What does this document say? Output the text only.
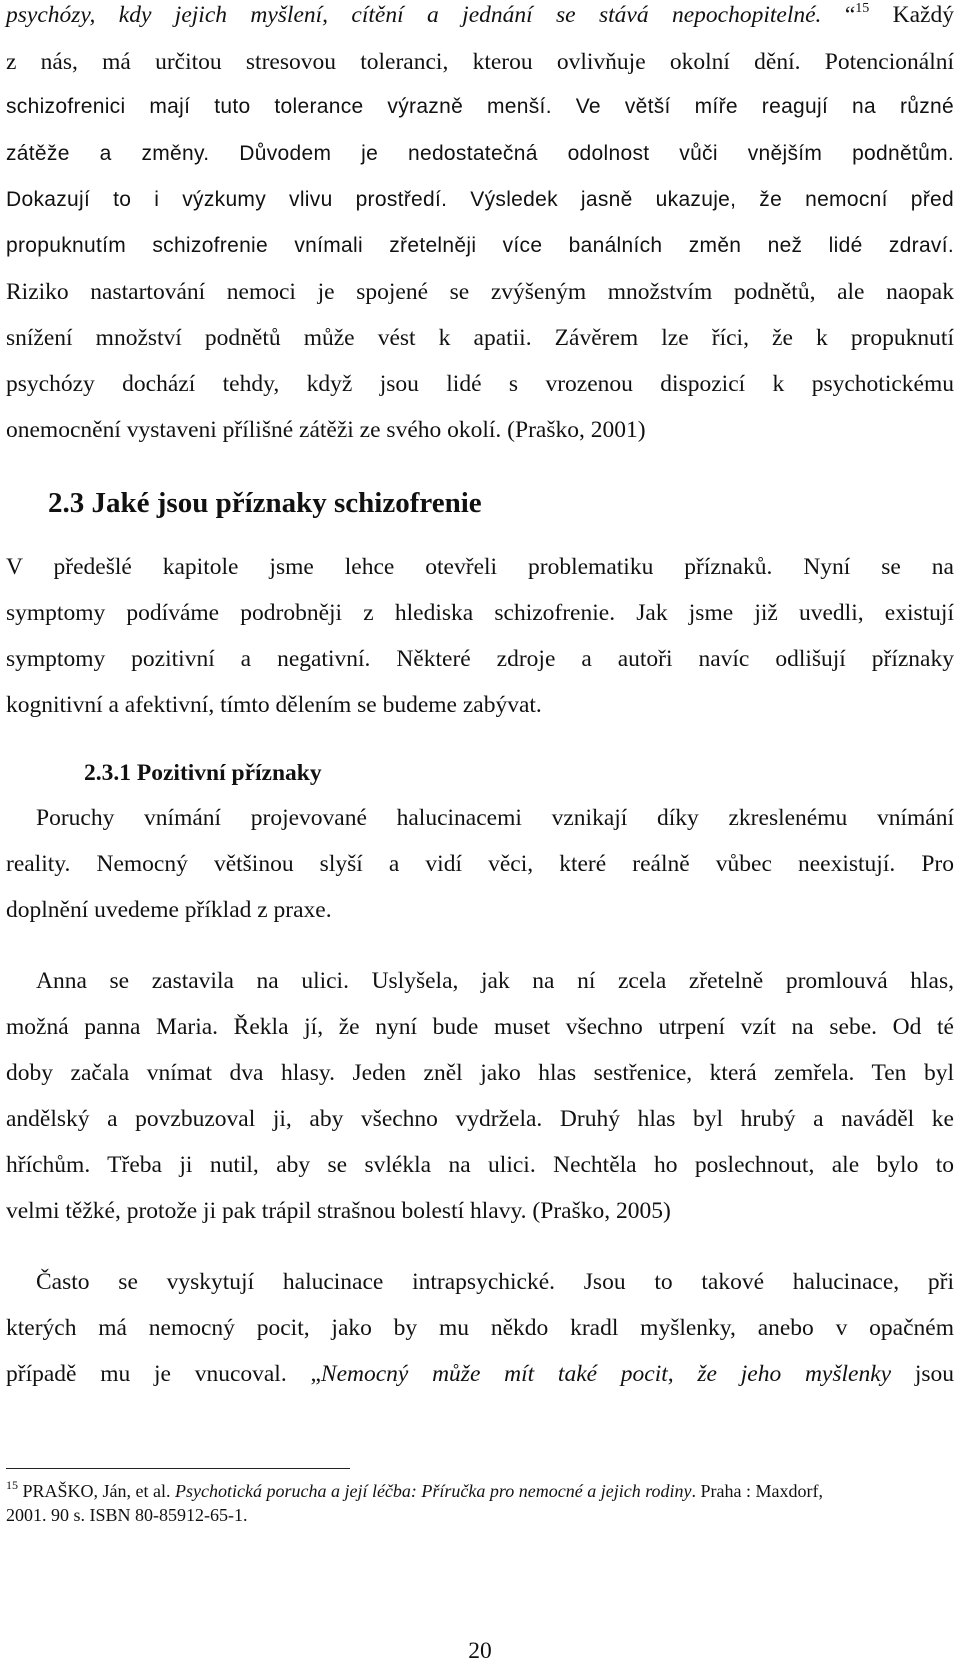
psychózy, kdy jejich myšlení, cítění a jednání se stává nepochopitelné. “$^{15}$ Každý
z nás, má určitou stresovou toleranci, kterou ovlivňuje okolní dění. Potencionální
schizofrenici mají tuto tolerance výrazně menší. Ve větší míře reagují na různé
zátěže a změny. Důvodem je nedostatečná odolnost vůči vnějším podnětům.
Dokazují to i výzkumy vlivu prostředí. Výsledek jasně ukazuje, že nemocní před
propuknutím schizofrenie vnímali zřetelněji více banálních změn než lidé zdraví.
Riziko nastartování nemoci je spojené se zvýšeným množstvím podnětů, ale naopak
snížení množství podnětů může vést k apatii. Závěrem lze říci, že k propuknutí
psychózy dochází tehdy, když jsou lidé s vrozenou dispozicí k psychotickému
onemocnění vystaveni přílišné zátěži ze svého okolí. (Praško, 2001)
2.3 Jaké jsou příznaky schizofrenie
V předešlé kapitole jsme lehce otevřeli problematiku příznaků. Nyní se na
symptomy podíváme podrobněji z hlediska schizofrenie. Jak jsme již uvedli, existují
symptomy pozitivní a negativní. Některé zdroje a autoři navíc odlišují příznaky
kognitivní a afektivní, tímto dělením se budeme zabývat.
2.3.1 Pozitivní příznaky
Poruchy vnímání projevované halucinacemi vznikají díky zkreslenému vnímání
reality. Nemocný většinou slyší a vidí věci, které reálně vůbec neexistují. Pro
doplnění uvedeme příklad z praxe.
Anna se zastavila na ulici. Uslyšela, jak na ní zcela zřetelně promlouvá hlas,
možná panna Maria. Řekla jí, že nyní bude muset všechno utrpení vzít na sebe. Od té
doby začala vnímat dva hlasy. Jeden zněl jako hlas sestřenice, která zemřela. Ten byl
andělský a povzbuzoval ji, aby všechno vydržela. Druhý hlas byl hrubý a naváděl ke
hříchům. Třeba ji nutil, aby se svlékla na ulici. Nechtěla ho poslechnout, ale bylo to
velmi těžké, protože ji pak trápil strašnou bolestí hlavy. (Praško, 2005)
Často se vyskytují halucinace intrapsychické. Jsou to takové halucinace, při
kterých má nemocný pocit, jako by mu někdo kradl myšlenky, anebo v opačném
případě mu je vnucoval. „Nemocný může mít také pocit, že jeho myšlenky jsou
$^{15}$ PRAŠKO, Ján, et al. Psychotická porucha a její léčba: Příručka pro nemocné a jejich rodiny. Praha : Maxdorf,
2001. 90 s. ISBN 80-85912-65-1.
20
